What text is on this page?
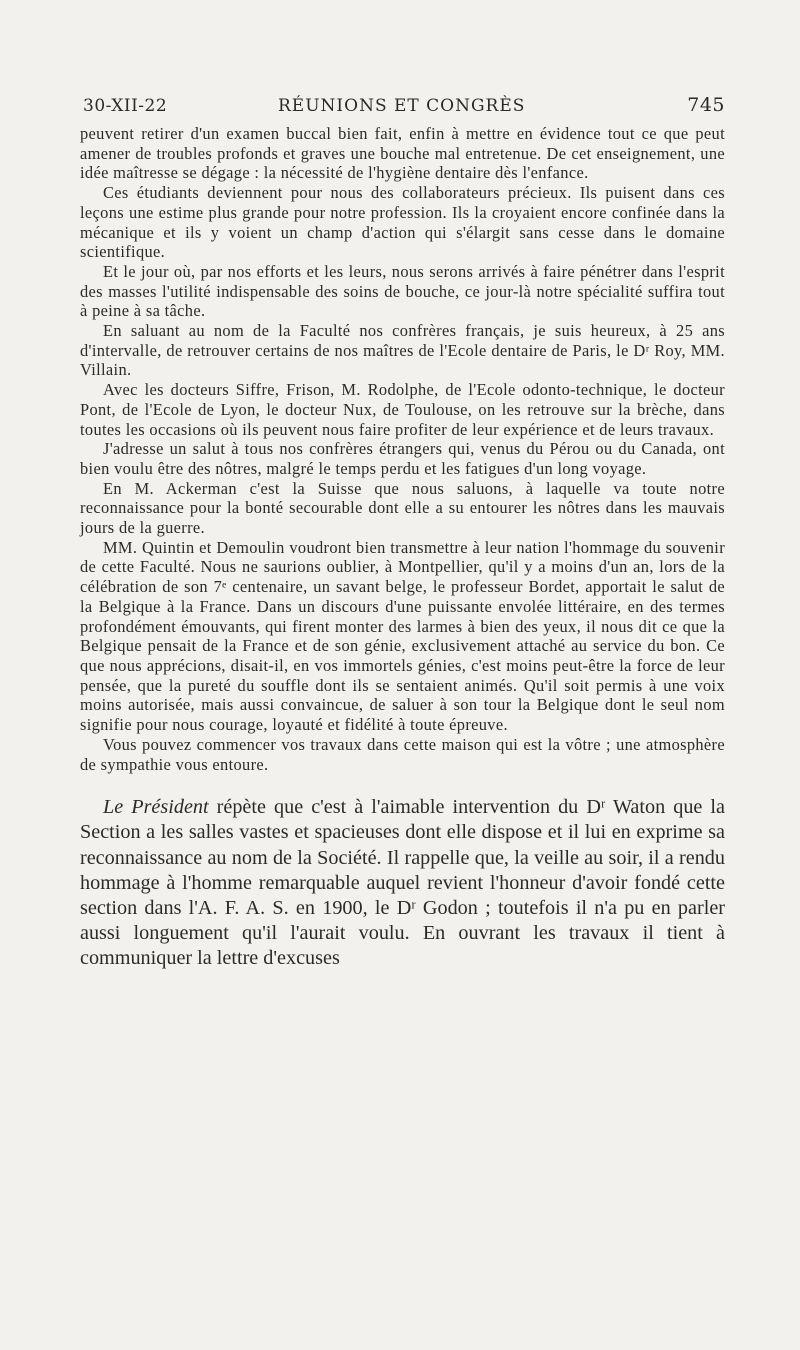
30-XII-22	RÉUNIONS ET CONGRÈS	745

peuvent retirer d'un examen buccal bien fait, enfin à mettre en évidence tout ce que peut amener de troubles profonds et graves une bouche mal entretenue. De cet enseignement, une idée maîtresse se dégage : la nécessité de l'hygiène dentaire dès l'enfance.

Ces étudiants deviennent pour nous des collaborateurs précieux. Ils puisent dans ces leçons une estime plus grande pour notre profession. Ils la croyaient encore confinée dans la mécanique et ils y voient un champ d'action qui s'élargit sans cesse dans le domaine scientifique.

Et le jour où, par nos efforts et les leurs, nous serons arrivés à faire pénétrer dans l'esprit des masses l'utilité indispensable des soins de bouche, ce jour-là notre spécialité suffira tout à peine à sa tâche.

En saluant au nom de la Faculté nos confrères français, je suis heureux, à 25 ans d'intervalle, de retrouver certains de nos maîtres de l'Ecole dentaire de Paris, le Dʳ Roy, MM. Villain.

Avec les docteurs Siffre, Frison, M. Rodolphe, de l'Ecole odonto-technique, le docteur Pont, de l'Ecole de Lyon, le docteur Nux, de Toulouse, on les retrouve sur la brèche, dans toutes les occasions où ils peuvent nous faire profiter de leur expérience et de leurs travaux.

J'adresse un salut à tous nos confrères étrangers qui, venus du Pérou ou du Canada, ont bien voulu être des nôtres, malgré le temps perdu et les fatigues d'un long voyage.

En M. Ackerman c'est la Suisse que nous saluons, à laquelle va toute notre reconnaissance pour la bonté secourable dont elle a su entourer les nôtres dans les mauvais jours de la guerre.

MM. Quintin et Demoulin voudront bien transmettre à leur nation l'hommage du souvenir de cette Faculté. Nous ne saurions oublier, à Montpellier, qu'il y a moins d'un an, lors de la célébration de son 7ᵉ centenaire, un savant belge, le professeur Bordet, apportait le salut de la Belgique à la France. Dans un discours d'une puissante envolée littéraire, en des termes profondément émouvants, qui firent monter des larmes à bien des yeux, il nous dit ce que la Belgique pensait de la France et de son génie, exclusivement attaché au service du bon. Ce que nous apprécions, disait-il, en vos immortels génies, c'est moins peut-être la force de leur pensée, que la pureté du souffle dont ils se sentaient animés. Qu'il soit permis à une voix moins autorisée, mais aussi convaincue, de saluer à son tour la Belgique dont le seul nom signifie pour nous courage, loyauté et fidélité à toute épreuve.

Vous pouvez commencer vos travaux dans cette maison qui est la vôtre ; une atmosphère de sympathie vous entoure.

Le Président répète que c'est à l'aimable intervention du Dʳ Waton que la Section a les salles vastes et spacieuses dont elle dispose et il lui en exprime sa reconnaissance au nom de la Société. Il rappelle que, la veille au soir, il a rendu hommage à l'homme remarquable auquel revient l'honneur d'avoir fondé cette section dans l'A. F. A. S. en 1900, le Dʳ Godon ; toutefois il n'a pu en parler aussi longuement qu'il l'aurait voulu. En ouvrant les travaux il tient à communiquer la lettre d'excuses
